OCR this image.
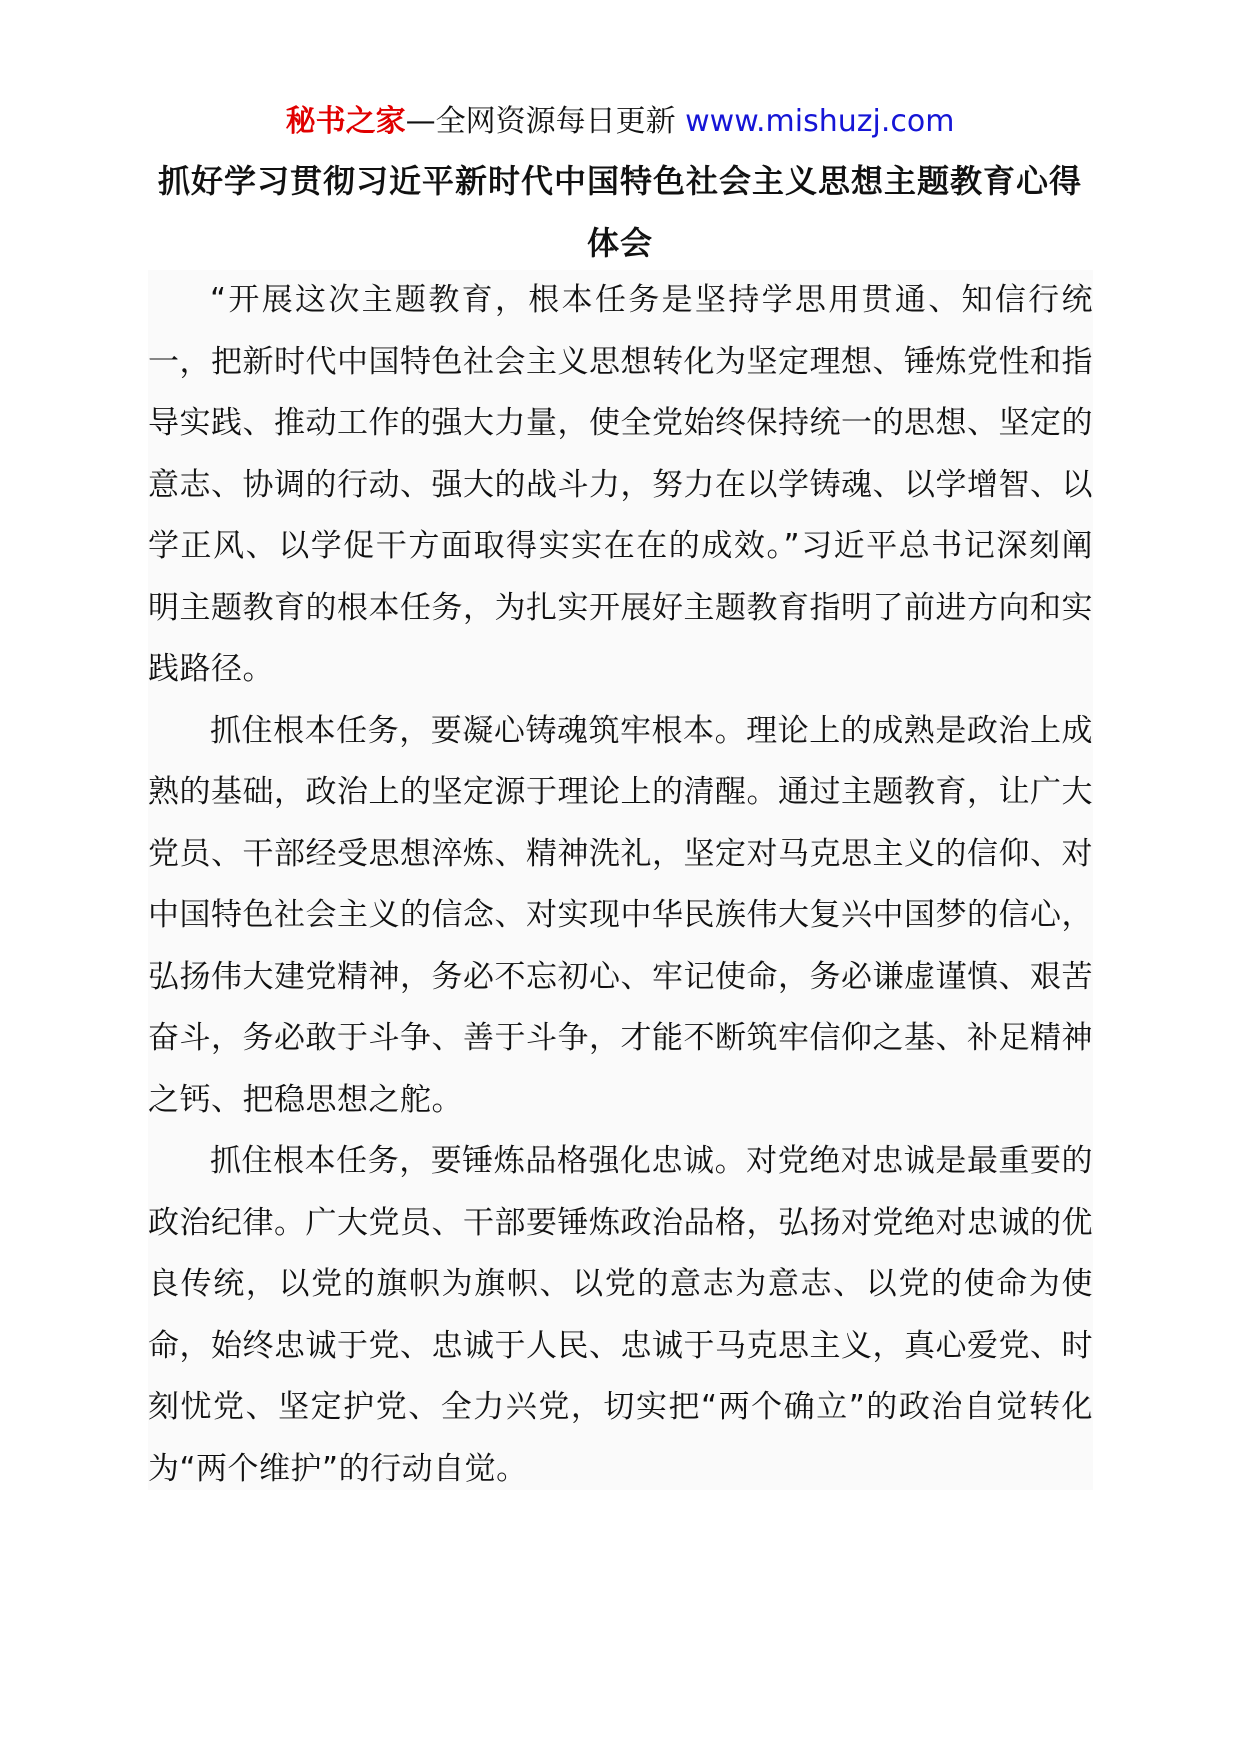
秘书之家—全网资源每日更新 www.mishuzj.com
抓好学习贯彻习近平新时代中国特色社会主义思想主题教育心得体会

“开展这次主题教育，根本任务是坚持学思用贯通、知信行统一，把新时代中国特色社会主义思想转化为坚定理想、锤炼党性和指导实践、推动工作的强大力量，使全党始终保持统一的思想、坚定的意志、协调的行动、强大的战斗力，努力在以学铸魂、以学增智、以学正风、以学促干方面取得实实在在的成效。”习近平总书记深刻阐明主题教育的根本任务，为扎实开展好主题教育指明了前进方向和实践路径。

抓住根本任务，要凝心铸魂筑牢根本。理论上的成熟是政治上成熟的基础，政治上的坚定源于理论上的清醒。通过主题教育，让广大党员、干部经受思想淬炼、精神洗礼，坚定对马克思主义的信仰、对中国特色社会主义的信念、对实现中华民族伟大复兴中国梦的信心，弘扬伟大建党精神，务必不忘初心、牢记使命，务必谦虚谨慎、艰苦奋斗，务必敢于斗争、善于斗争，才能不断筑牢信仰之基、补足精神之钙、把稳思想之舵。

抓住根本任务，要锤炼品格强化忠诚。对党绝对忠诚是最重要的政治纪律。广大党员、干部要锤炼政治品格，弘扬对党绝对忠诚的优良传统，以党的旗帜为旗帜、以党的意志为意志、以党的使命为使命，始终忠诚于党、忠诚于人民、忠诚于马克思主义，真心爱党、时刻忧党、坚定护党、全力兴党，切实把“两个确立”的政治自觉转化为“两个维护”的行动自觉。
